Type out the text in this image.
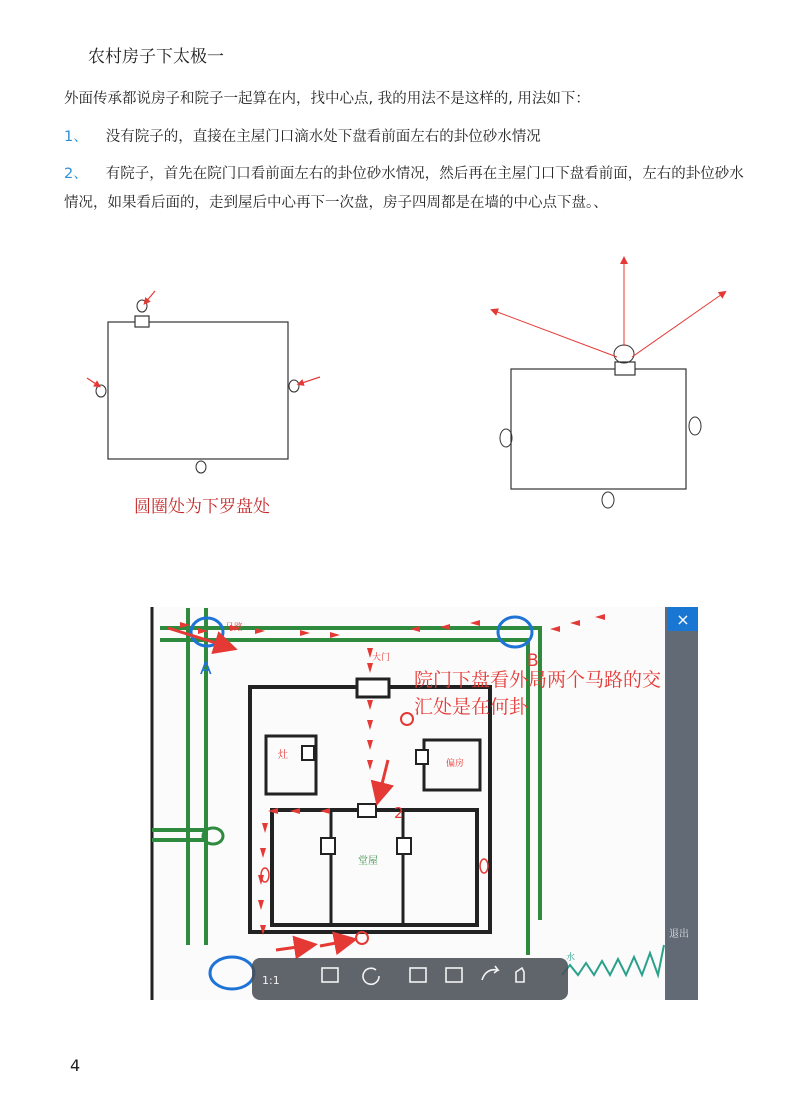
农村房子下太极一
外面传承都说房子和院子一起算在内，找中心点, 我的用法不是这样的, 用法如下：
1、 没有院子的，直接在主屋门口滴水处下盘看前面左右的卦位砂水情况
2、 有院子，首先在院门口看前面左右的卦位砂水情况，然后再在主屋门口下盘看前面，左右的卦位砂水情况，如果看后面的，走到屋后中心再下一次盘，房子四周都是在墙的中心点下盘。、
马路
大门
灶
偏房
堂屋
水
A	B
2
×
1:1
退出
院门下盘看外局两个马路的交汇处是在何卦
圆圈处为下罗盘处
4
